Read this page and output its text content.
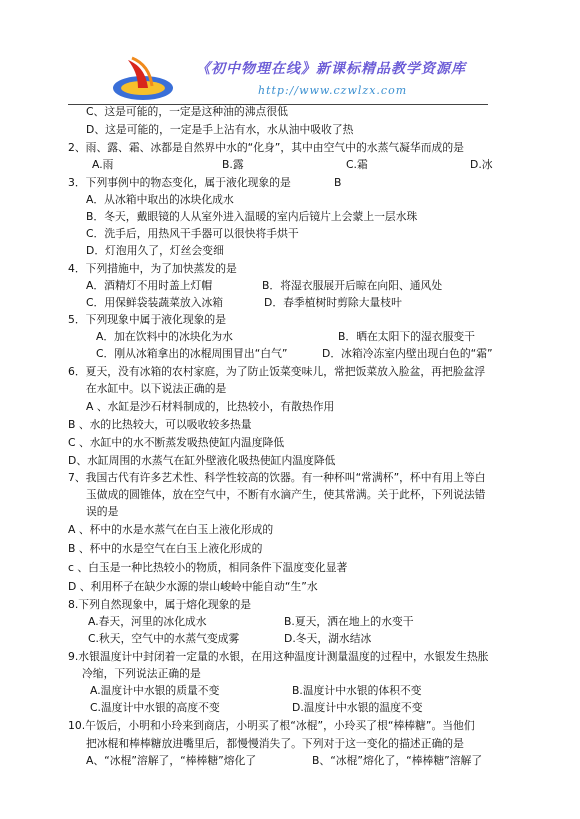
《初中物理在线》新课标精品教学资源库
http://www.czwlzx.com
C、这是可能的，一定是这种油的沸点很低
D、这是可能的，一定是手上沾有水，水从油中吸收了热
2、雨、露、霜、冰都是自然界中水的“化身”，其中由空气中的水蒸气凝华而成的是
A.雨	B.露	C.霜	D.冰
3．下列事例中的物态变化，属于液化现象的是	B
A．从冰箱中取出的冰块化成水
B．冬天，戴眼镜的人从室外进入温暖的室内后镜片上会蒙上一层水珠
C．洗手后，用热风干手器可以很快将手烘干
D．灯泡用久了，灯丝会变细
4．下列措施中，为了加快蒸发的是
A．酒精灯不用时盖上灯帽	B．将湿衣服展开后晾在向阳、通风处
C．用保鲜袋装蔬菜放入冰箱	D．春季植树时剪除大量枝叶
5．下列现象中属于液化现象的是
A．加在饮料中的冰块化为水	B．晒在太阳下的湿衣服变干
C．刚从冰箱拿出的冰棍周围冒出“白气”	D．冰箱冷冻室内壁出现白色的“霜”
6．夏天，没有冰箱的农村家庭，为了防止饭菜变味儿，常把饭菜放入脸盆，再把脸盆浮
在水缸中。以下说法正确的是
A 、水缸是沙石材料制成的，比热较小，有散热作用
B 、水的比热较大，可以吸收较多热量
C 、水缸中的水不断蒸发吸热使缸内温度降低
D、水缸周围的水蒸气在缸外壁液化吸热使缸内温度降低
7、我国古代有许多艺术性、科学性较高的饮器。有一种杯叫“常满杯”，杯中有用上等白
玉做成的圆锥体，放在空气中，不断有水滴产生，使其常满。关于此杯，下列说法错
误的是
A 、杯中的水是水蒸气在白玉上液化形成的
B 、杯中的水是空气在白玉上液化形成的
c 、白玉是一种比热较小的物质，相同条件下温度变化显著
D 、利用杯子在缺少水源的崇山峻岭中能自动“生”水
8.下列自然现象中，属于熔化现象的是
A.春天，河里的冰化成水	B.夏天，洒在地上的水变干
C.秋天，空气中的水蒸气变成雾	D.冬天，湖水结冰
9.水银温度计中封闭着一定量的水银，在用这种温度计测量温度的过程中，水银发生热胀
冷缩，下列说法正确的是
A.温度计中水银的质量不变	B.温度计中水银的体积不变
C.温度计中水银的高度不变	D.温度计中水银的温度不变
10.午饭后，小明和小玲来到商店，小明买了根“冰棍”，小玲买了根“棒棒糖”。当他们
把冰棍和棒棒糖放进嘴里后，都慢慢消失了。下列对于这一变化的描述正确的是
A、“冰棍”溶解了，“棒棒糖”熔化了	B、“冰棍”熔化了，“棒棒糖”溶解了
